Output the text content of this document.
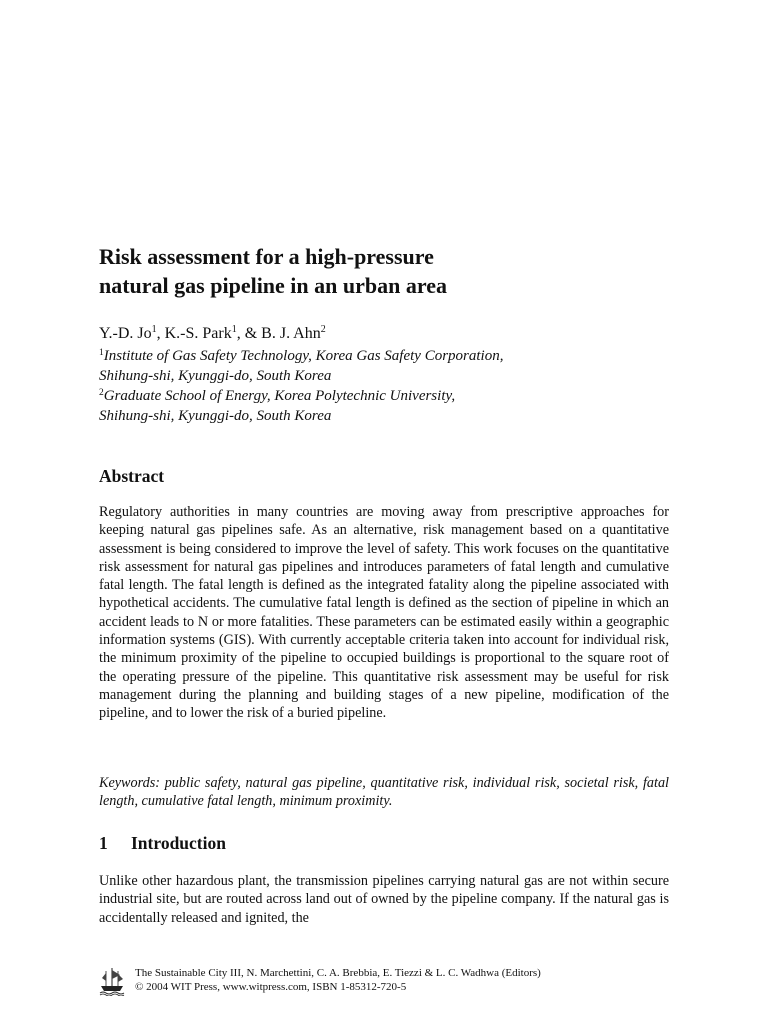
Risk assessment for a high-pressure
natural gas pipeline in an urban area
Y.-D. Jo$^1$, K.-S. Park$^1$, & B. J. Ahn$^2$
$^1$Institute of Gas Safety Technology, Korea Gas Safety Corporation,
Shihung-shi, Kyunggi-do, South Korea
$^2$Graduate School of Energy, Korea Polytechnic University,
Shihung-shi, Kyunggi-do, South Korea
Abstract

Regulatory authorities in many countries are moving away from prescriptive approaches for keeping natural gas pipelines safe. As an alternative, risk management based on a quantitative assessment is being considered to improve the level of safety. This work focuses on the quantitative risk assessment for natural gas pipelines and introduces parameters of fatal length and cumulative fatal length. The fatal length is defined as the integrated fatality along the pipeline associated with hypothetical accidents. The cumulative fatal length is defined as the section of pipeline in which an accident leads to N or more fatalities. These parameters can be estimated easily within a geographic information systems (GIS). With currently acceptable criteria taken into account for individual risk, the minimum proximity of the pipeline to occupied buildings is proportional to the square root of the operating pressure of the pipeline. This quantitative risk assessment may be useful for risk management during the planning and building stages of a new pipeline, modification of the pipeline, and to lower the risk of a buried pipeline.

Keywords: public safety, natural gas pipeline, quantitative risk, individual risk, societal risk, fatal length, cumulative fatal length, minimum proximity.

1 Introduction

Unlike other hazardous plant, the transmission pipelines carrying natural gas are not within secure industrial site, but are routed across land out of owned by the pipeline company. If the natural gas is accidentally released and ignited, the

The Sustainable City III, N. Marchettini, C. A. Brebbia, E. Tiezzi & L. C. Wadhwa (Editors)
© 2004 WIT Press, www.witpress.com, ISBN 1-85312-720-5
